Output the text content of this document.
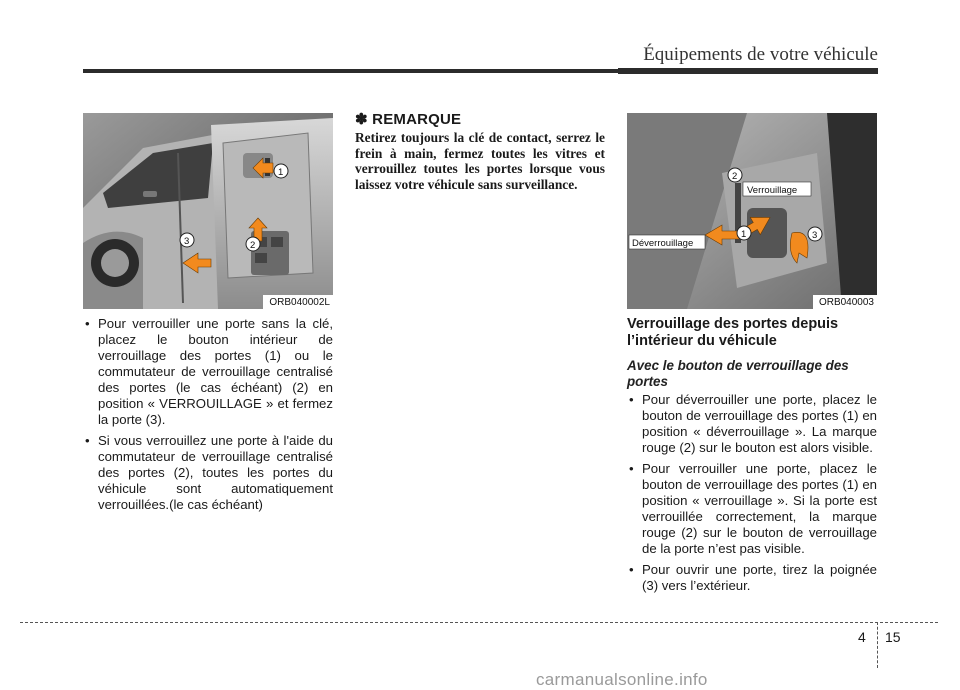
Équipements de votre véhicule
1
2
3
ORB040002L
Verrouillage
Déverrouillage
1
2
3
ORB040003
• Pour verrouiller une porte sans la clé, placez le bouton intérieur de verrouillage des portes (1) ou le commutateur de verrouillage centralisé des portes (le cas échéant) (2) en position « VERROUILLAGE » et fermez la porte (3).
• Si vous verrouillez une porte à l'aide du commutateur de verrouillage centralisé des portes (2), toutes les portes du véhicule sont automatiquement verrouillées.(le cas échéant)
✽ REMARQUE

Retirez toujours la clé de contact, serrez le frein à main, fermez toutes les vitres et verrouillez toutes les portes lorsque vous laissez votre véhicule sans surveillance.

Verrouillage des portes depuis l’intérieur du véhicule
Avec le bouton de verrouillage des portes
• Pour déverrouiller une porte, placez le bouton de verrouillage des portes (1) en position « déverrouillage ». La marque rouge (2) sur le bouton est alors visible.
• Pour verrouiller une porte, placez le bouton de verrouillage des portes (1) en position « verrouillage ». Si la porte est verrouillée correctement, la marque rouge (2) sur le bouton de verrouillage de la porte n’est pas visible.
• Pour ouvrir une porte, tirez la poignée (3) vers l’extérieur.
4 15
carmanualsonline.info
